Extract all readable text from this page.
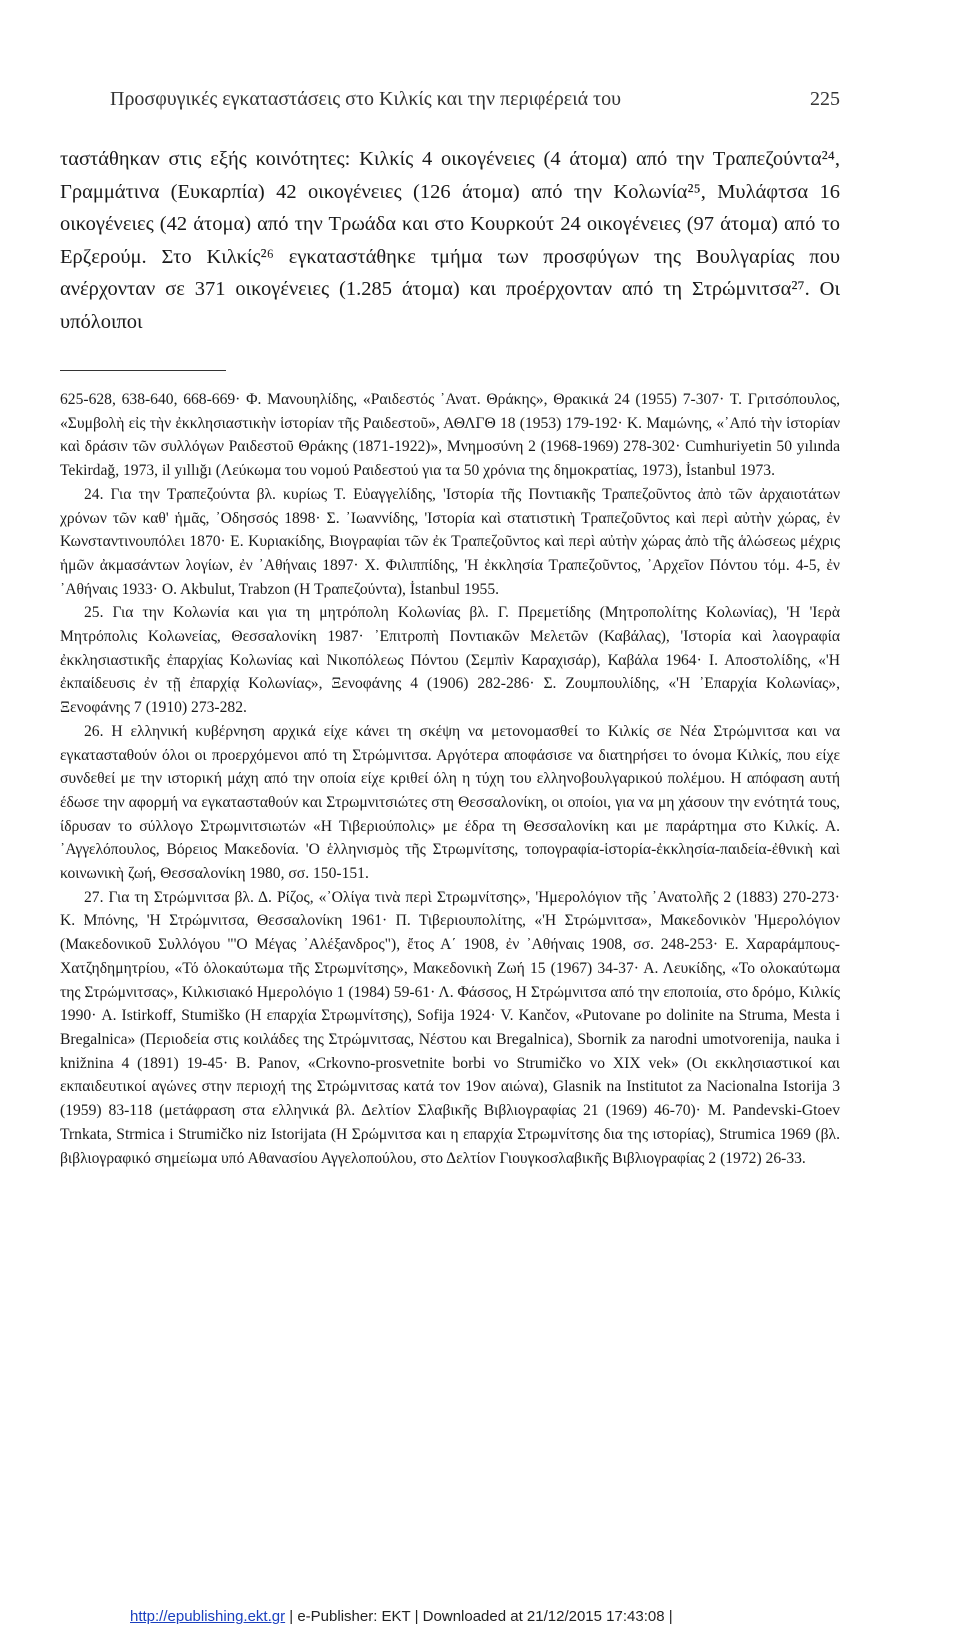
Προσφυγικές εγκαταστάσεις στο Κιλκίς και την περιφέρειά του	225

ταστάθηκαν στις εξής κοινότητες: Κιλκίς 4 οικογένειες (4 άτομα) από την Τραπεζούντα²⁴, Γραμμάτινα (Ευκαρπία) 42 οικογένειες (126 άτομα) από την Κολωνία²⁵, Μυλάφτσα 16 οικογένειες (42 άτομα) από την Τρωάδα και στο Κουρκούτ 24 οικογένειες (97 άτομα) από το Ερζερούμ. Στο Κιλκίς²⁶ εγκαταστάθηκε τμήμα των προσφύγων της Βουλγαρίας που ανέρχονταν σε 371 οικογένειες (1.285 άτομα) και προέρχονταν από τη Στρώμνιτσα²⁷. Οι υπόλοιποι

625-628, 638-640, 668-669· Φ. Μανουηλίδης, «Ραιδεστός ᾿Ανατ. Θράκης», Θρακικά 24 (1955) 7-307· Τ. Γριτσόπουλος, «Συμβολὴ εἰς τὴν ἐκκλησιαστικὴν ἱστορίαν τῆς Ραιδεστοῦ», ΑΘΛΓΘ 18 (1953) 179-192· Κ. Μαμώνης, «᾿Από τὴν ἱστορίαν καὶ δράσιν τῶν συλλόγων Ραιδεστοῦ Θράκης (1871-1922)», Μνημοσύνη 2 (1968-1969) 278-302· Cumhuriyetin 50 yılında Tekirdağ, 1973, il yıllığı (Λεύκωμα του νομού Ραιδεστού για τα 50 χρόνια της δημοκρατίας, 1973), İstanbul 1973.

24. Για την Τραπεζούντα βλ. κυρίως Τ. Εὐαγγελίδης, 'Ιστορία τῆς Ποντιακῆς Τραπεζοῦντος ἀπὸ τῶν ἀρχαιοτάτων χρόνων τῶν καθ' ἡμᾶς, ᾿Οδησσός 1898· Σ. ᾿Ιωαννίδης, 'Ιστορία καὶ στατιστικὴ Τραπεζοῦντος καὶ περὶ αὐτὴν χώρας, ἐν Κωνσταντινουπόλει 1870· Ε. Κυριακίδης, Βιογραφίαι τῶν ἐκ Τραπεζοῦντος καὶ περὶ αὐτὴν χώρας ἀπὸ τῆς ἁλώσεως μέχρις ἡμῶν ἀκμασάντων λογίων, ἐν ᾿Αθήναις 1897· Χ. Φιλιππίδης, 'Η ἐκκλησία Τραπεζοῦντος, ᾿Αρχεῖον Πόντου τόμ. 4-5, ἐν ᾿Αθήναις 1933· O. Akbulut, Trabzon (Η Τραπεζούντα), İstanbul 1955.

25. Για την Κολωνία και για τη μητρόπολη Κολωνίας βλ. Γ. Πρεμετίδης (Μητροπολίτης Κολωνίας), 'Η 'Ιερὰ Μητρόπολις Κολωνείας, Θεσσαλονίκη 1987· ᾿Επιτροπὴ Ποντιακῶν Μελετῶν (Καβάλας), 'Ιστορία καὶ λαογραφία ἐκκλησιαστικῆς ἐπαρχίας Κολωνίας καὶ Νικοπόλεως Πόντου (Σεμπὶν Καραχισάρ), Καβάλα 1964· Ι. Αποστολίδης, «'Η ἐκπαίδευσις ἐν τῇ ἐπαρχίᾳ Κολωνίας», Ξενοφάνης 4 (1906) 282-286· Σ. Ζουμπουλίδης, «'Η ᾿Επαρχία Κολωνίας», Ξενοφάνης 7 (1910) 273-282.

26. Η ελληνική κυβέρνηση αρχικά είχε κάνει τη σκέψη να μετονομασθεί το Κιλκίς σε Νέα Στρώμνιτσα και να εγκατασταθούν όλοι οι προερχόμενοι από τη Στρώμνιτσα. Αργότερα αποφάσισε να διατηρήσει το όνομα Κιλκίς, που είχε συνδεθεί με την ιστορική μάχη από την οποία είχε κριθεί όλη η τύχη του ελληνοβουλγαρικού πολέμου. Η απόφαση αυτή έδωσε την αφορμή να εγκατασταθούν και Στρωμνιτσιώτες στη Θεσσαλονίκη, οι οποίοι, για να μη χάσουν την ενότητά τους, ίδρυσαν το σύλλογο Στρωμνιτσιωτών «Η Τιβεριούπολις» με έδρα τη Θεσσαλονίκη και με παράρτημα στο Κιλκίς. Α. ᾿Αγγελόπουλος, Βόρειος Μακεδονία. 'Ο ἑλληνισμὸς τῆς Στρωμνίτσης, τοπογραφία-ἱστορία-ἐκκλησία-παιδεία-ἐθνικὴ καὶ κοινωνικὴ ζωή, Θεσσαλονίκη 1980, σσ. 150-151.

27. Για τη Στρώμνιτσα βλ. Δ. Ρίζος, «᾿Ολίγα τινὰ περὶ Στρωμνίτσης», 'Ημερολόγιον τῆς ᾿Ανατολῆς 2 (1883) 270-273· Κ. Μπόνης, 'Η Στρώμνιτσα, Θεσσαλονίκη 1961· Π. Τιβεριουπολίτης, «'Η Στρώμνιτσα», Μακεδονικὸν 'Ημερολόγιον (Μακεδονικοῦ Συλλόγου "'Ο Μέγας ᾿Αλέξανδρος"), ἔτος Α΄ 1908, ἐν ᾿Αθήναις 1908, σσ. 248-253· Ε. Χαραράμπους-Χατζηδημητρίου, «Τό ὁλοκαύτωμα τῆς Στρωμνίτσης», Μακεδονικὴ Ζωή 15 (1967) 34-37· Α. Λευκίδης, «Το ολοκαύτωμα της Στρώμνιτσας», Κιλκισιακό Ημερολόγιο 1 (1984) 59-61· Λ. Φάσσος, Η Στρώμνιτσα από την εποποιία, στο δρόμο, Κιλκίς 1990· A. Istirkoff, Stumiško (Η επαρχία Στρωμνίτσης), Sofija 1924· V. Kančov, «Putovane po dolinite na Struma, Mesta i Bregalnica» (Περιοδεία στις κοιλάδες της Στρώμνιτσας, Νέστου και Bregalnica), Sbornik za narodni umotvorenija, nauka i knižnina 4 (1891) 19-45· B. Panov, «Crkovno-prosvetnite borbi vo Strumičko vo XIX vek» (Οι εκκλησιαστικοί και εκπαιδευτικοί αγώνες στην περιοχή της Στρώμνιτσας κατά τον 19ον αιώνα), Glasnik na Institutot za Nacionalna Istorija 3 (1959) 83-118 (μετάφραση στα ελληνικά βλ. Δελτίον Σλαβικῆς Βιβλιογραφίας 21 (1969) 46-70)· M. Pandevski-Gtoev Trnkata, Strmica i Strumičko niz Istorijata (Η Σρώμνιτσα και η επαρχία Στρωμνίτσης δια της ιστορίας), Strumica 1969 (βλ. βιβλιογραφικό σημείωμα υπό Αθανασίου Αγγελοπούλου, στο Δελτίον Γιουγκοσλαβικῆς Βιβλιογραφίας 2 (1972) 26-33.

http://epublishing.ekt.gr | e-Publisher: EKT | Downloaded at 21/12/2015 17:43:08 |
